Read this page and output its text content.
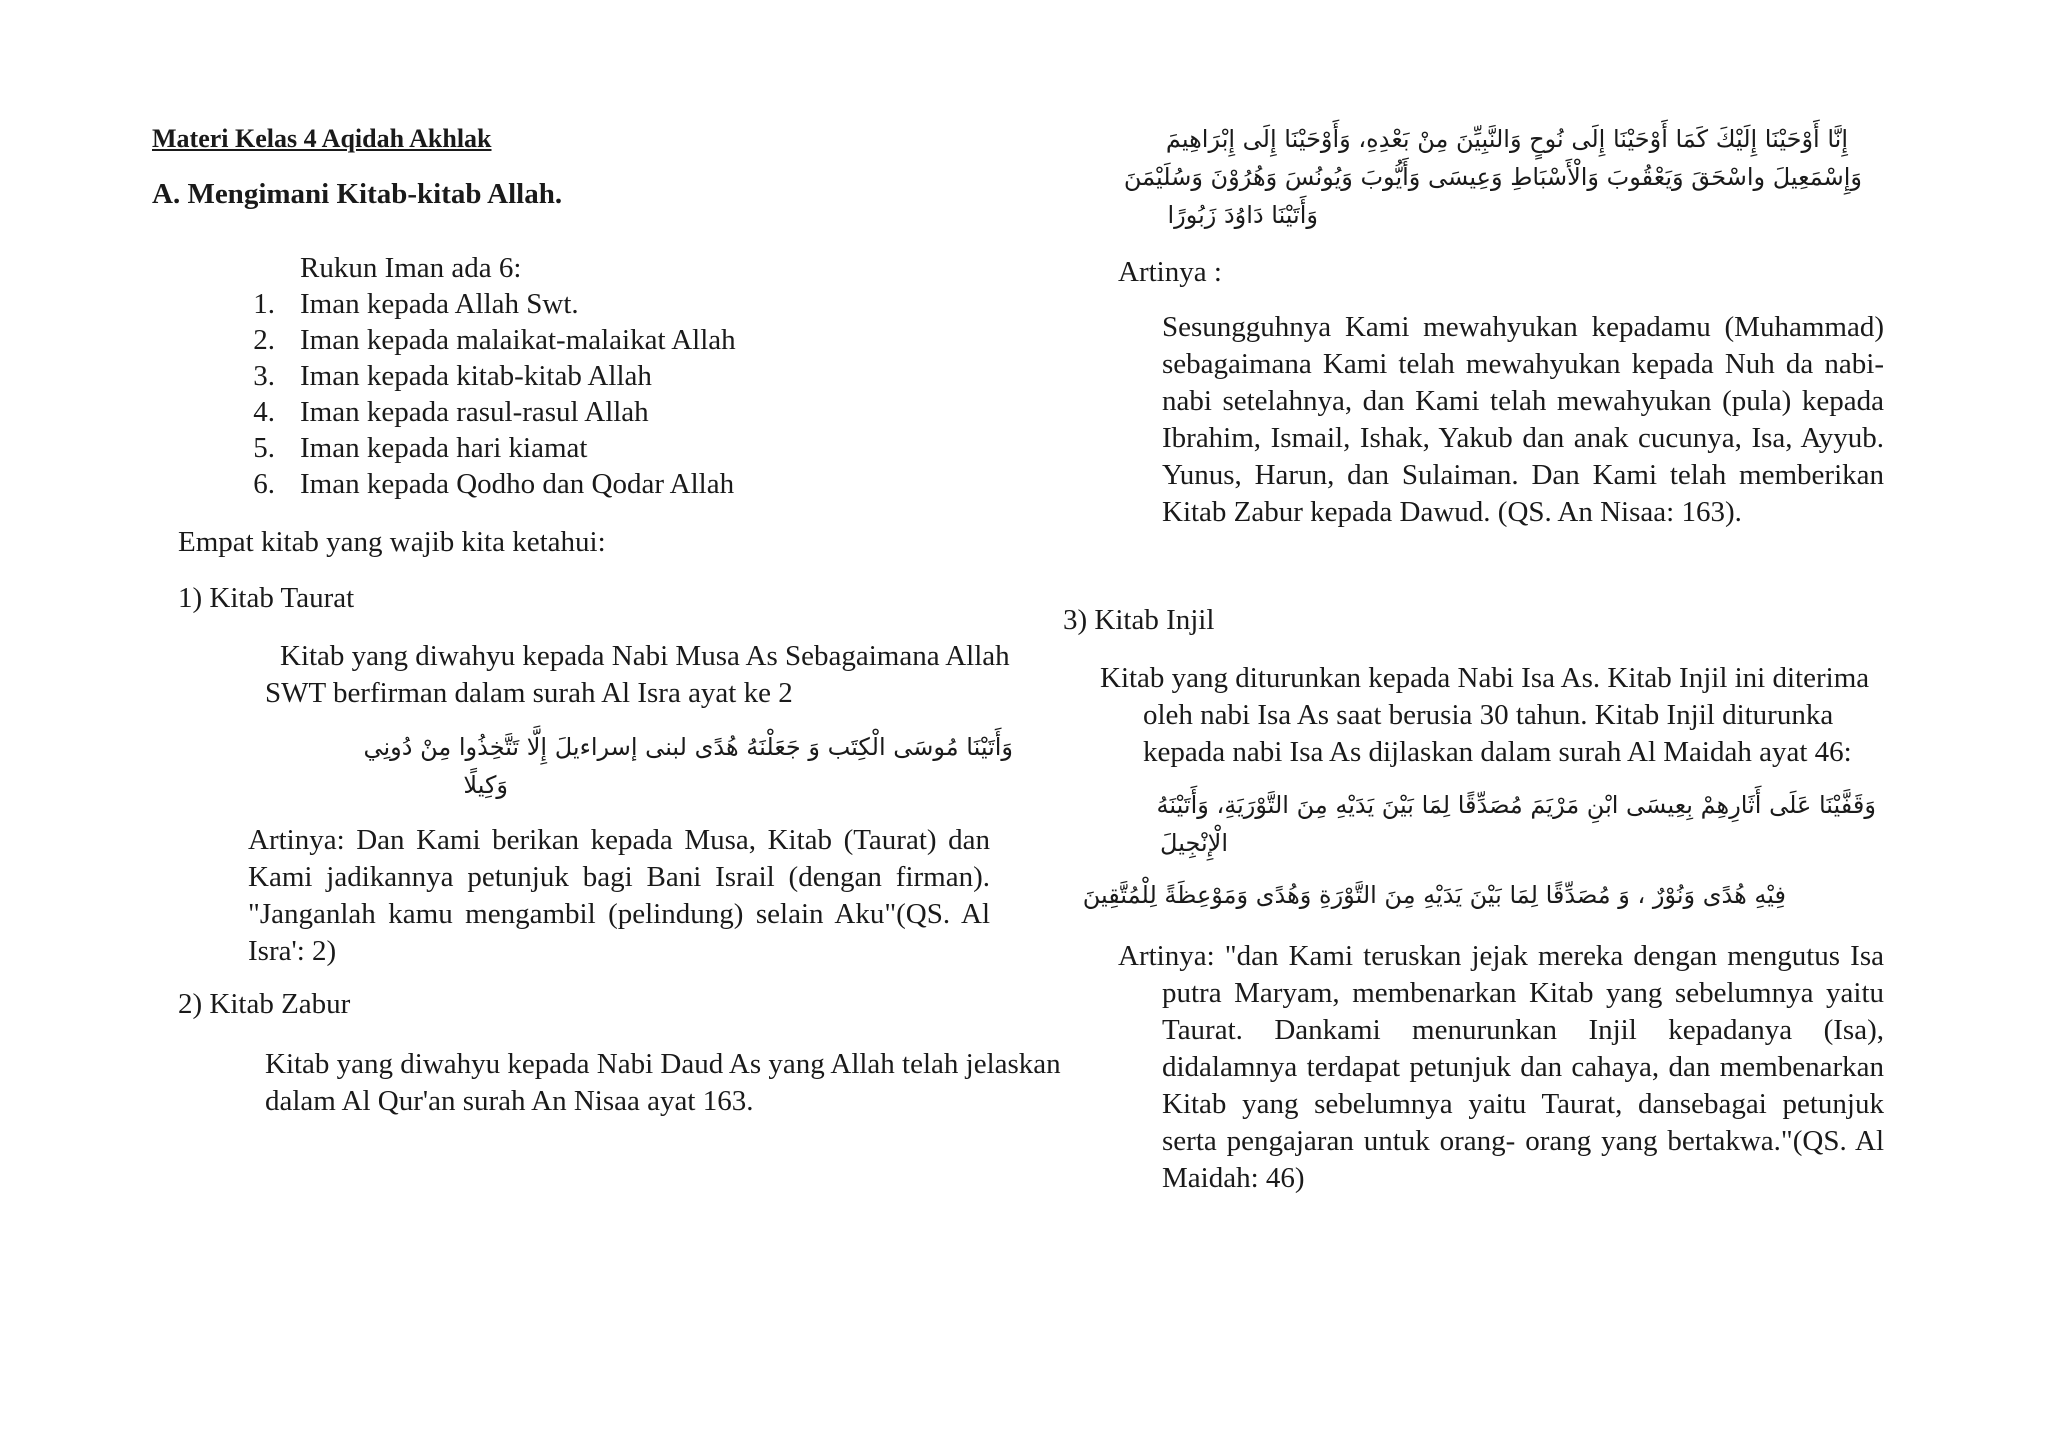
Materi Kelas 4 Aqidah Akhlak
A. Mengimani Kitab-kitab Allah.
Rukun Iman ada 6:
1. Iman kepada Allah Swt.
2. Iman kepada malaikat-malaikat Allah
3. Iman kepada kitab-kitab Allah
4. Iman kepada rasul-rasul Allah
5. Iman kepada hari kiamat
6. Iman kepada Qodho dan Qodar Allah
Empat kitab yang wajib kita ketahui:
1) Kitab Taurat
Kitab yang diwahyu kepada Nabi Musa As Sebagaimana Allah
SWT berfirman dalam surah Al Isra ayat ke 2
وَأَتَيْنَا مُوسَى الْكِتَب وَ جَعَلْنَهُ هُدًى لبنى إسراءيلَ إِلَّا تَتَّخِذُوا مِنْ دُونِي
وَكِيلًا
Artinya: Dan Kami berikan kepada Musa, Kitab (Taurat) dan
Kami jadikannya petunjuk bagi Bani Israil (dengan firman).
"Janganlah kamu mengambil (pelindung) selain Aku"(QS. Al
Isra': 2)
2) Kitab Zabur
Kitab yang diwahyu kepada Nabi Daud As yang Allah telah jelaskan
dalam Al Qur'an surah An Nisaa ayat 163.
إِنَّا أَوْحَيْنَا إِلَيْكَ كَمَا أَوْحَيْنَا إِلَى نُوحٍ وَالنَّبِيِّنَ مِنْ بَعْدِهِ، وَأَوْحَيْنَا إِلَى إِبْرَاهِيمَ
وَإِسْمَعِيلَ واسْحَقَ وَيَعْقُوبَ وَالْأَسْبَاطِ وَعِيسَى وَأَيُّوبَ وَيُونُسَ وَهُرُوْنَ وَسُلَيْمَنَ
وَأَتَيْنَا دَاوُدَ زَبُورًا
Artinya :
Sesungguhnya Kami mewahyukan kepadamu (Muhammad)
sebagaimana Kami telah mewahyukan kepada Nuh da nabi-
nabi setelahnya, dan Kami telah mewahyukan (pula) kepada
Ibrahim, Ismail, Ishak, Yakub dan anak cucunya, Isa, Ayyub.
Yunus, Harun, dan Sulaiman. Dan Kami telah memberikan
Kitab Zabur kepada Dawud. (QS. An Nisaa: 163).
3) Kitab Injil
Kitab yang diturunkan kepada Nabi Isa As. Kitab Injil ini diterima
oleh nabi Isa As saat berusia 30 tahun. Kitab Injil diturunka
kepada nabi Isa As dijlaskan dalam surah Al Maidah ayat 46:
وَقَفَّيْنَا عَلَى أَثَارِهِمْ بِعِيسَى ابْنِ مَرْيَمَ مُصَدِّقًا لِمَا بَيْنَ يَدَيْهِ مِنَ التَّوْرَيَةِ، وَأَتَيْنَهُ
الْإِنْجِيلَ
فِيْهِ هُدًى وَنُوْرٌ ، وَ مُصَدِّقًا لِمَا بَيْنَ يَدَيْهِ مِنَ التَّوْرَةِ وَهُدًى وَمَوْعِظَةً لِلْمُتَّقِينَ
Artinya: "dan Kami teruskan jejak mereka dengan mengutus Isa
putra Maryam, membenarkan Kitab yang sebelumnya yaitu
Taurat. Dankami menurunkan Injil kepadanya (Isa),
didalamnya terdapat petunjuk dan cahaya, dan membenarkan
Kitab yang sebelumnya yaitu Taurat, dansebagai petunjuk
serta pengajaran untuk orang- orang yang bertakwa."(QS. Al
Maidah: 46)
